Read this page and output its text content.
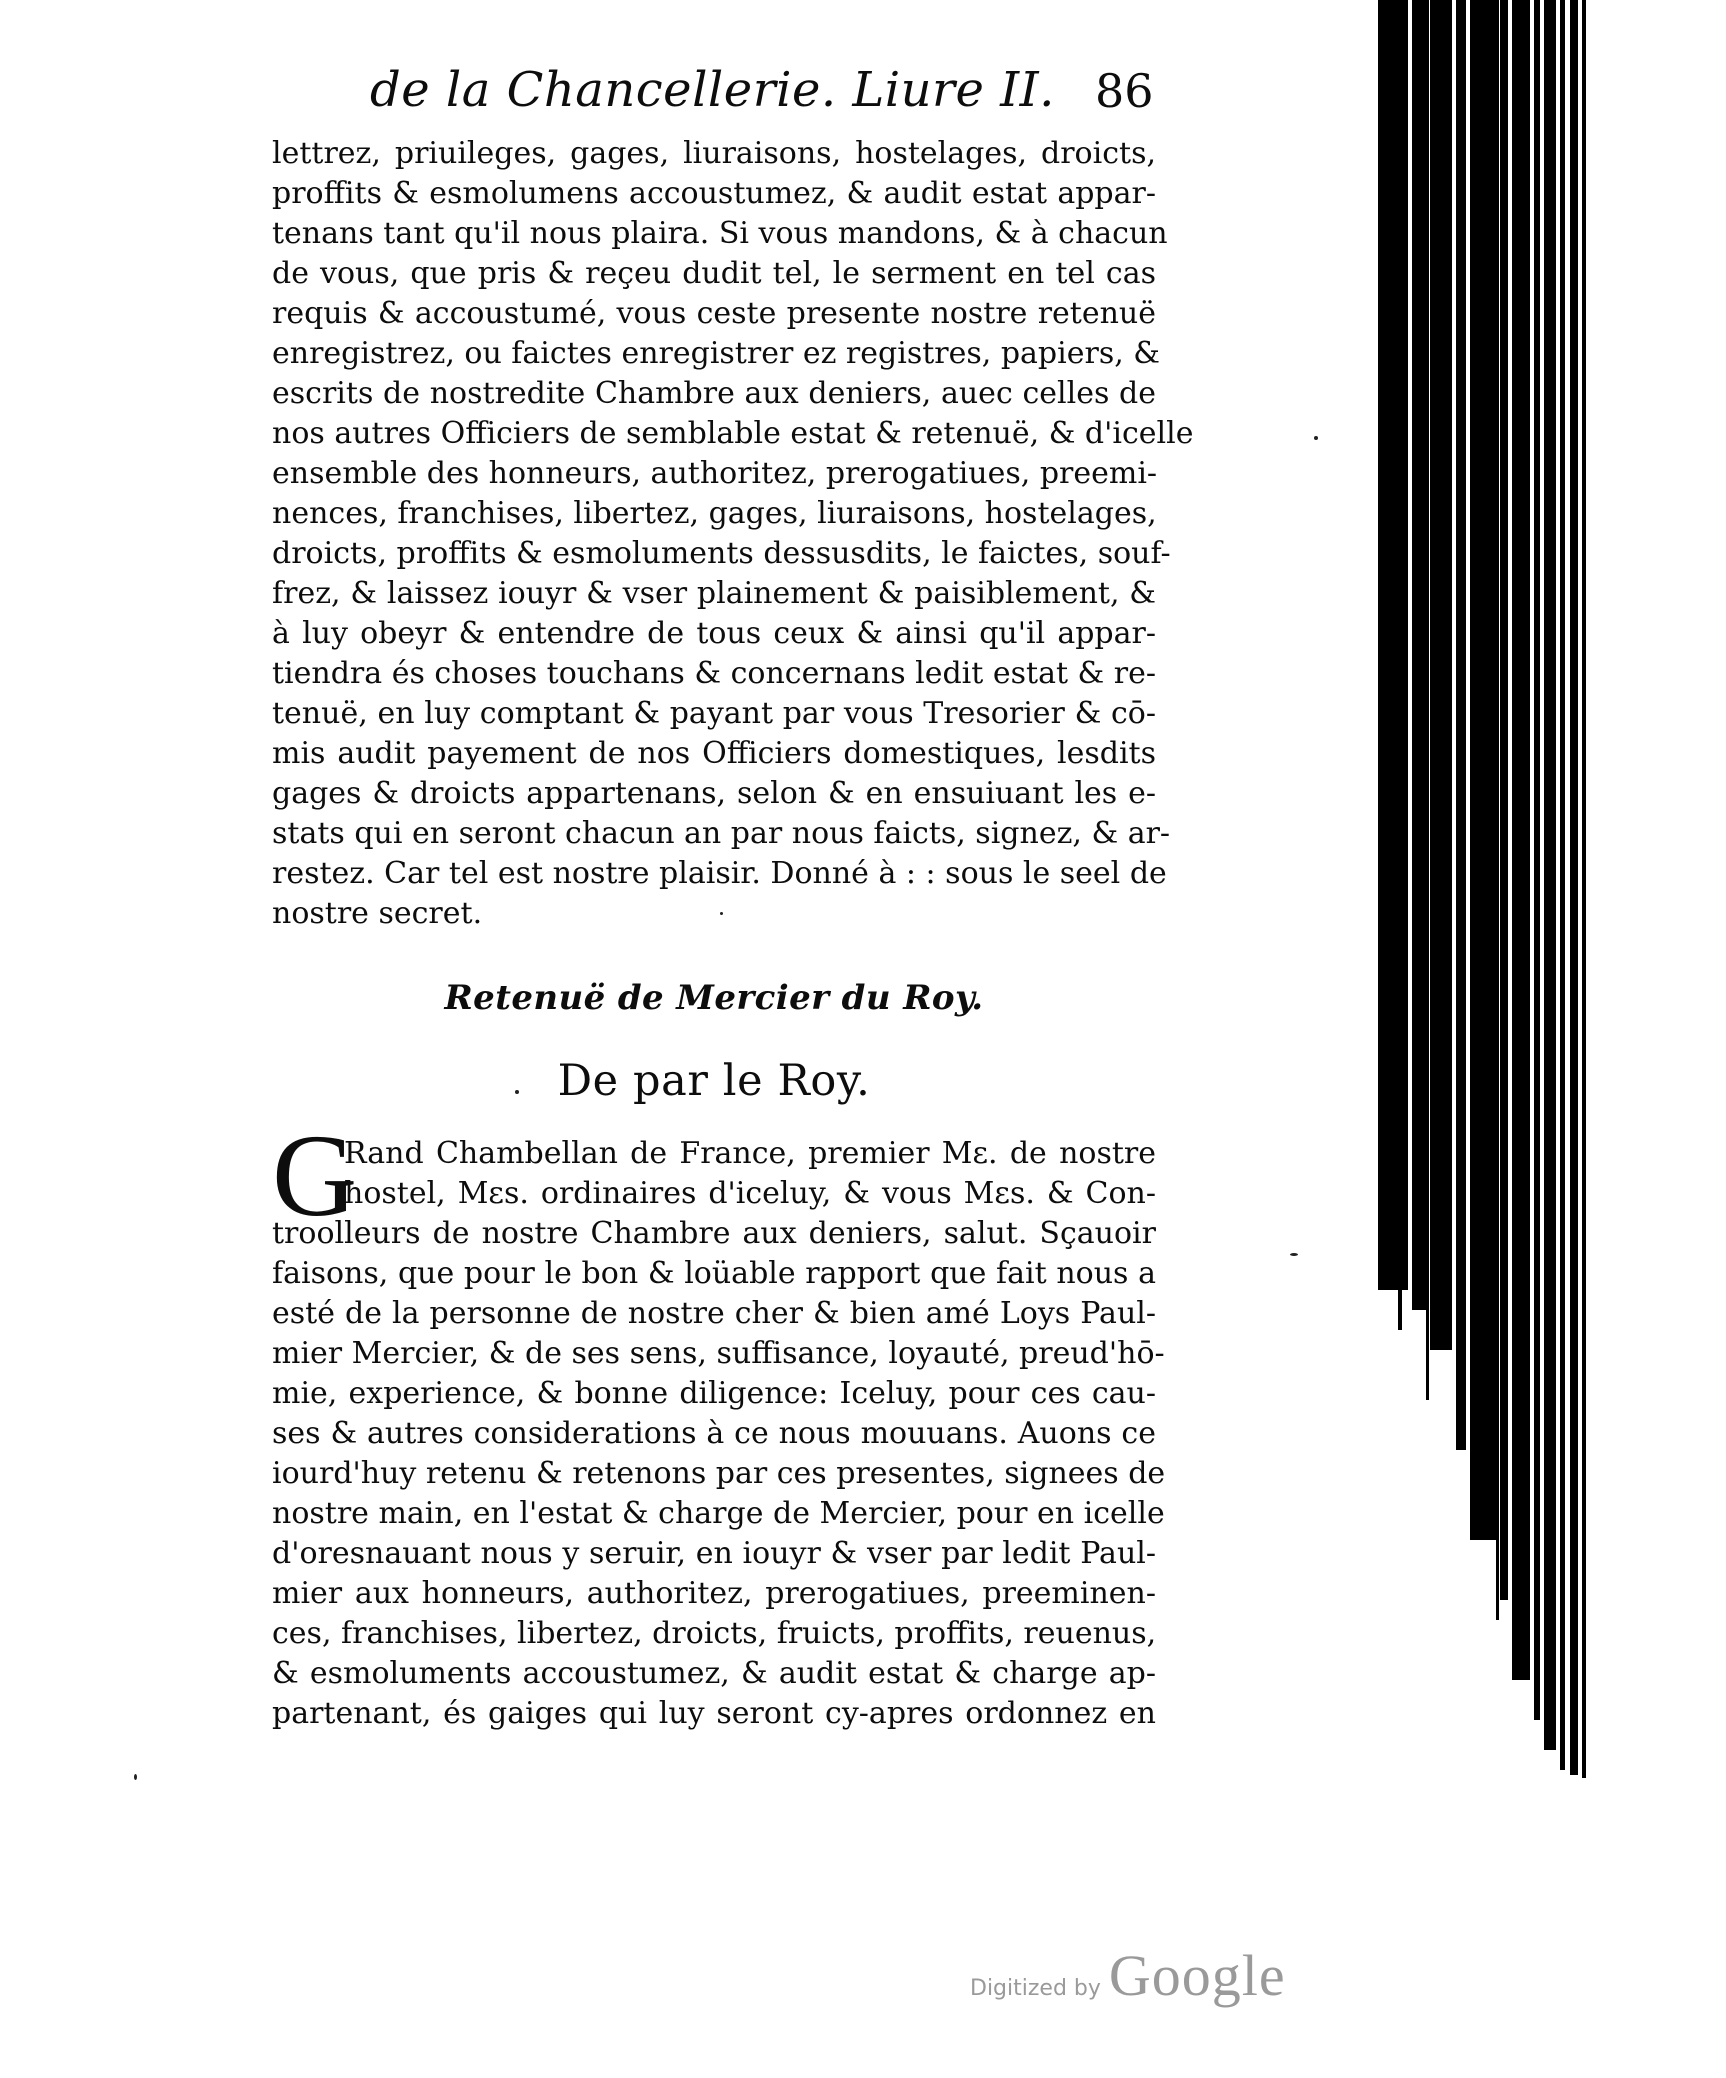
de la Chancellerie. Liure II. 86
lettrez, priuileges, gages, liuraisons, hostelages, droicts,
proffits & esmolumens accoustumez, & audit estat appar-
tenans tant qu'il nous plaira. Si vous mandons, & à chacun
de vous, que pris & reçeu dudit tel, le serment en tel cas
requis & accoustumé, vous ceste presente nostre retenuë
enregistrez, ou faictes enregistrer ez registres, papiers, &
escrits de nostredite Chambre aux deniers, auec celles de
nos autres Officiers de semblable estat & retenuë, & d'icelle
ensemble des honneurs, authoritez, prerogatiues, preemi-
nences, franchises, libertez, gages, liuraisons, hostelages,
droicts, proffits & esmoluments dessusdits, le faictes, souf-
frez, & laissez iouyr & vser plainement & paisiblement, &
à luy obeyr & entendre de tous ceux & ainsi qu'il appar-
tiendra és choses touchans & concernans ledit estat & re-
tenuë, en luy comptant & payant par vous Tresorier & cō-
mis audit payement de nos Officiers domestiques, lesdits
gages & droicts appartenans, selon & en ensuiuant les e-
stats qui en seront chacun an par nous faicts, signez, & ar-
restez. Car tel est nostre plaisir. Donné à : : sous le seel de
nostre secret.
Retenuë de Mercier du Roy.
De par le Roy.
G
Rand Chambellan de France, premier Mε. de nostre
hostel, Mεs. ordinaires d'iceluy, & vous Mεs. & Con-
troolleurs de nostre Chambre aux deniers, salut. Sçauoir
faisons, que pour le bon & loüable rapport que fait nous a
esté de la personne de nostre cher & bien amé Loys Paul-
mier Mercier, & de ses sens, suffisance, loyauté, preud'hō-
mie, experience, & bonne diligence: Iceluy, pour ces cau-
ses & autres considerations à ce nous mouuans. Auons ce
iourd'huy retenu & retenons par ces presentes, signees de
nostre main, en l'estat & charge de Mercier, pour en icelle
d'oresnauant nous y seruir, en iouyr & vser par ledit Paul-
mier aux honneurs, authoritez, prerogatiues, preeminen-
ces, franchises, libertez, droicts, fruicts, proffits, reuenus,
& esmoluments accoustumez, & audit estat & charge ap-
partenant, és gaiges qui luy seront cy-apres ordonnez en
Digitized by Google
